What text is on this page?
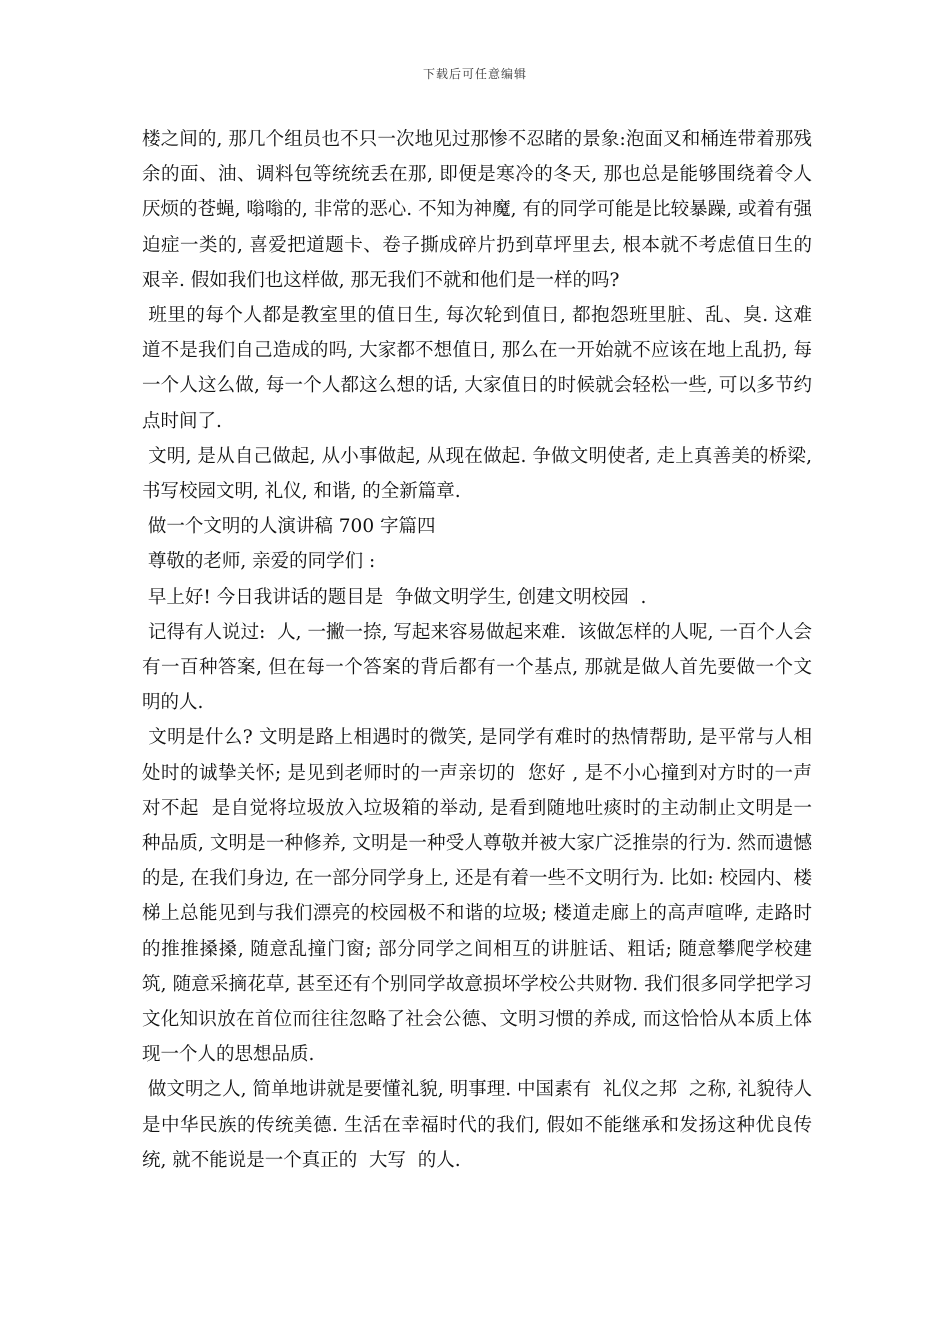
下载后可任意编辑

楼之间的, 那几个组员也不只一次地见过那惨不忍睹的景象:泡面叉和桶连带着那残余的面、油、调料包等统统丢在那, 即便是寒冷的冬天, 那也总是能够围绕着令人厌烦的苍蝇, 嗡嗡的, 非常的恶心. 不知为神魔, 有的同学可能是比较暴躁, 或着有强迫症一类的, 喜爱把道题卡、卷子撕成碎片扔到草坪里去, 根本就不考虑值日生的艰辛. 假如我们也这样做, 那无我们不就和他们是一样的吗?

班里的每个人都是教室里的值日生, 每次轮到值日, 都抱怨班里脏、乱、臭. 这难道不是我们自己造成的吗, 大家都不想值日, 那么在一开始就不应该在地上乱扔, 每一个人这么做, 每一个人都这么想的话, 大家值日的时候就会轻松一些, 可以多节约点时间了.

文明, 是从自己做起, 从小事做起, 从现在做起. 争做文明使者, 走上真善美的桥梁, 书写校园文明, 礼仪, 和谐, 的全新篇章.

做一个文明的人演讲稿 700 字篇四

尊敬的老师, 亲爱的同学们 :

早上好! 今日我讲话的题目是  争做文明学生, 创建文明校园  .

记得有人说过:  人, 一撇一捺, 写起来容易做起来难.  该做怎样的人呢, 一百个人会有一百种答案, 但在每一个答案的背后都有一个基点, 那就是做人首先要做一个文明的人.

文明是什么? 文明是路上相遇时的微笑, 是同学有难时的热情帮助, 是平常与人相处时的诚挚关怀; 是见到老师时的一声亲切的  您好 , 是不小心撞到对方时的一声  对不起  是自觉将垃圾放入垃圾箱的举动, 是看到随地吐痰时的主动制止文明是一种品质, 文明是一种修养, 文明是一种受人尊敬并被大家广泛推崇的行为. 然而遗憾的是, 在我们身边, 在一部分同学身上, 还是有着一些不文明行为. 比如: 校园内、楼梯上总能见到与我们漂亮的校园极不和谐的垃圾; 楼道走廊上的高声喧哗, 走路时的推推搡搡, 随意乱撞门窗; 部分同学之间相互的讲脏话、粗话; 随意攀爬学校建筑, 随意采摘花草, 甚至还有个别同学故意损坏学校公共财物. 我们很多同学把学习文化知识放在首位而往往忽略了社会公德、文明习惯的养成, 而这恰恰从本质上体现一个人的思想品质.

做文明之人, 简单地讲就是要懂礼貌, 明事理. 中国素有  礼仪之邦  之称, 礼貌待人是中华民族的传统美德. 生活在幸福时代的我们, 假如不能继承和发扬这种优良传统, 就不能说是一个真正的  大写  的人.
